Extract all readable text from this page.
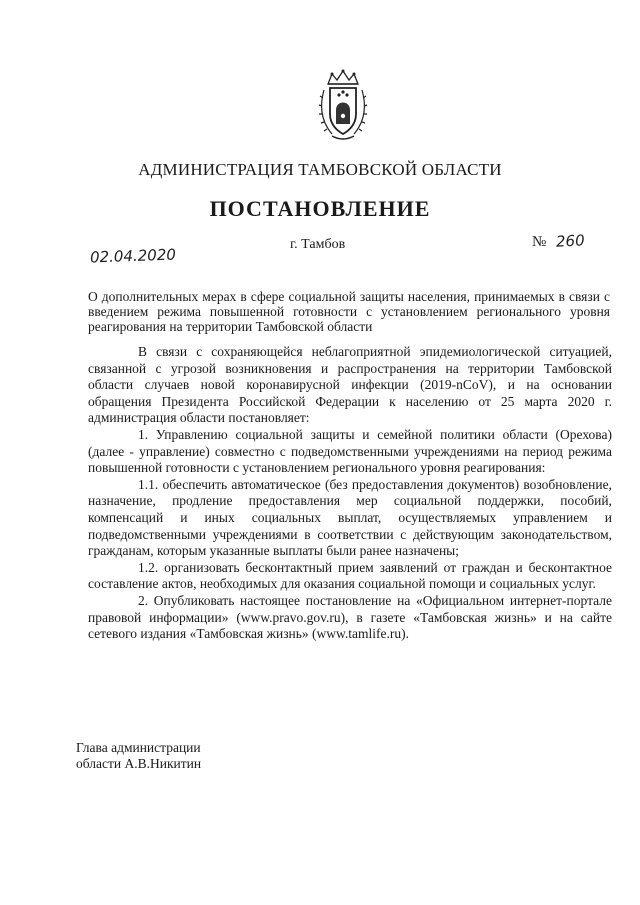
АДМИНИСТРАЦИЯ ТАМБОВСКОЙ ОБЛАСТИ
ПОСТАНОВЛЕНИЕ
02.04.2020
г. Тамбов	№ 260
О дополнительных мерах в сфере социальной защиты населения, принимаемых в связи с введением режима повышенной готовности с установлением регионального уровня реагирования на территории Тамбовской области

В связи с сохраняющейся неблагоприятной эпидемиологической ситуацией, связанной с угрозой возникновения и распространения на территории Тамбовской области случаев новой коронавирусной инфекции (2019-nCoV), и на основании обращения Президента Российской Федерации к населению от 25 марта 2020 г. администрация области постановляет:

1. Управлению социальной защиты и семейной политики области (Орехова) (далее - управление) совместно с подведомственными учреждениями на период режима повышенной готовности с установлением регионального уровня реагирования:

1.1. обеспечить автоматическое (без предоставления документов) возобновление, назначение, продление предоставления мер социальной поддержки, пособий, компенсаций и иных социальных выплат, осуществляемых управлением и подведомственными учреждениями в соответствии с действующим законодательством, гражданам, которым указанные выплаты были ранее назначены;

1.2. организовать бесконтактный прием заявлений от граждан и бесконтактное составление актов, необходимых для оказания социальной помощи и социальных услуг.

2. Опубликовать настоящее постановление на «Официальном интернет-портале правовой информации» (www.pravo.gov.ru), в газете «Тамбовская жизнь» и на сайте сетевого издания «Тамбовская жизнь» (www.tamlife.ru).

Глава администрации
области А.В.Никитин
